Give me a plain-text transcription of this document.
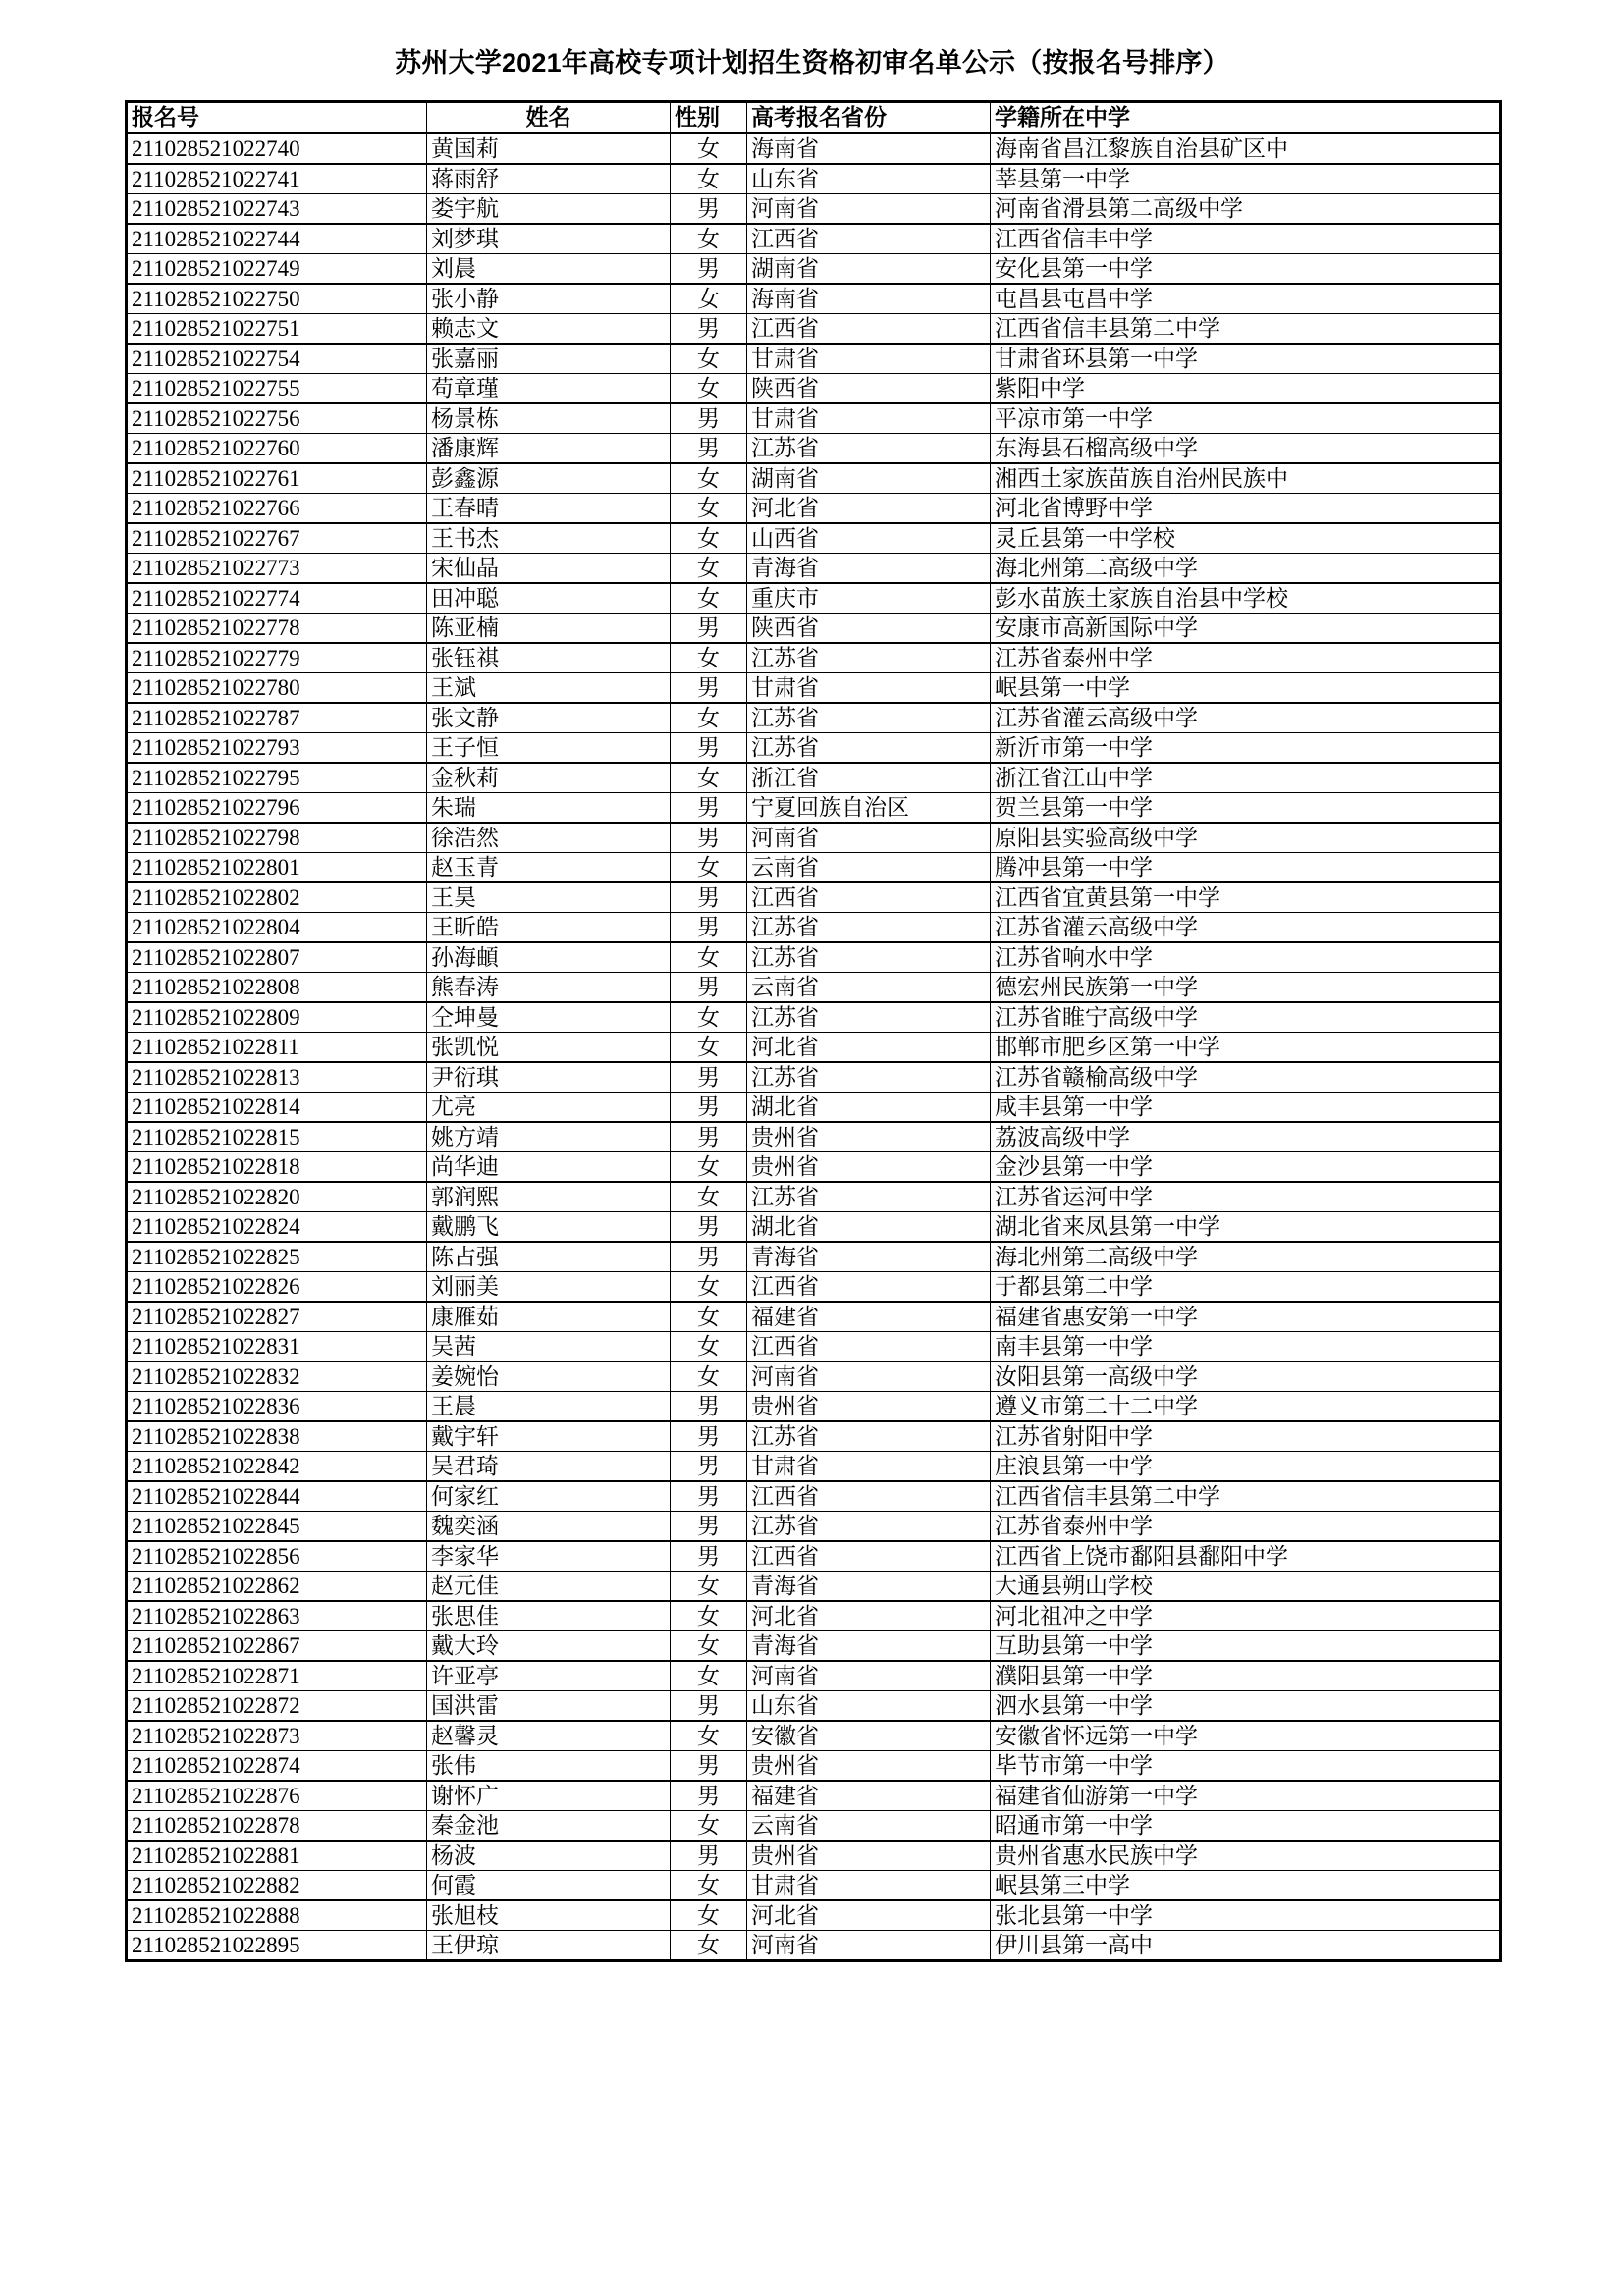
苏州大学2021年高校专项计划招生资格初审名单公示（按报名号排序）
报名号	姓名	性别	高考报名省份	学籍所在中学
211028521022740	黄国莉	女	海南省	海南省昌江黎族自治县矿区中
211028521022741	蒋雨舒	女	山东省	莘县第一中学
211028521022743	娄宇航	男	河南省	河南省滑县第二高级中学
211028521022744	刘梦琪	女	江西省	江西省信丰中学
211028521022749	刘晨	男	湖南省	安化县第一中学
211028521022750	张小静	女	海南省	屯昌县屯昌中学
211028521022751	赖志文	男	江西省	江西省信丰县第二中学
211028521022754	张嘉丽	女	甘肃省	甘肃省环县第一中学
211028521022755	苟章瑾	女	陕西省	紫阳中学
211028521022756	杨景栋	男	甘肃省	平凉市第一中学
211028521022760	潘康辉	男	江苏省	东海县石榴高级中学
211028521022761	彭鑫源	女	湖南省	湘西土家族苗族自治州民族中
211028521022766	王春晴	女	河北省	河北省博野中学
211028521022767	王书杰	女	山西省	灵丘县第一中学校
211028521022773	宋仙晶	女	青海省	海北州第二高级中学
211028521022774	田冲聪	女	重庆市	彭水苗族土家族自治县中学校
211028521022778	陈亚楠	男	陕西省	安康市高新国际中学
211028521022779	张钰祺	女	江苏省	江苏省泰州中学
211028521022780	王斌	男	甘肃省	岷县第一中学
211028521022787	张文静	女	江苏省	江苏省灌云高级中学
211028521022793	王子恒	男	江苏省	新沂市第一中学
211028521022795	金秋莉	女	浙江省	浙江省江山中学
211028521022796	朱瑞	男	宁夏回族自治区	贺兰县第一中学
211028521022798	徐浩然	男	河南省	原阳县实验高级中学
211028521022801	赵玉青	女	云南省	腾冲县第一中学
211028521022802	王昊	男	江西省	江西省宜黄县第一中学
211028521022804	王昕皓	男	江苏省	江苏省灌云高级中学
211028521022807	孙海頔	女	江苏省	江苏省响水中学
211028521022808	熊春涛	男	云南省	德宏州民族第一中学
211028521022809	仝坤曼	女	江苏省	江苏省睢宁高级中学
211028521022811	张凯悦	女	河北省	邯郸市肥乡区第一中学
211028521022813	尹衍琪	男	江苏省	江苏省赣榆高级中学
211028521022814	尤亮	男	湖北省	咸丰县第一中学
211028521022815	姚方靖	男	贵州省	荔波高级中学
211028521022818	尚华迪	女	贵州省	金沙县第一中学
211028521022820	郭润熙	女	江苏省	江苏省运河中学
211028521022824	戴鹏飞	男	湖北省	湖北省来凤县第一中学
211028521022825	陈占强	男	青海省	海北州第二高级中学
211028521022826	刘丽美	女	江西省	于都县第二中学
211028521022827	康雁茹	女	福建省	福建省惠安第一中学
211028521022831	吴茜	女	江西省	南丰县第一中学
211028521022832	姜婉怡	女	河南省	汝阳县第一高级中学
211028521022836	王晨	男	贵州省	遵义市第二十二中学
211028521022838	戴宇轩	男	江苏省	江苏省射阳中学
211028521022842	吴君琦	男	甘肃省	庄浪县第一中学
211028521022844	何家红	男	江西省	江西省信丰县第二中学
211028521022845	魏奕涵	男	江苏省	江苏省泰州中学
211028521022856	李家华	男	江西省	江西省上饶市鄱阳县鄱阳中学
211028521022862	赵元佳	女	青海省	大通县朔山学校
211028521022863	张思佳	女	河北省	河北祖冲之中学
211028521022867	戴大玲	女	青海省	互助县第一中学
211028521022871	许亚亭	女	河南省	濮阳县第一中学
211028521022872	国洪雷	男	山东省	泗水县第一中学
211028521022873	赵馨灵	女	安徽省	安徽省怀远第一中学
211028521022874	张伟	男	贵州省	毕节市第一中学
211028521022876	谢怀广	男	福建省	福建省仙游第一中学
211028521022878	秦金池	女	云南省	昭通市第一中学
211028521022881	杨波	男	贵州省	贵州省惠水民族中学
211028521022882	何霞	女	甘肃省	岷县第三中学
211028521022888	张旭枝	女	河北省	张北县第一中学
211028521022895	王伊琼	女	河南省	伊川县第一高中
